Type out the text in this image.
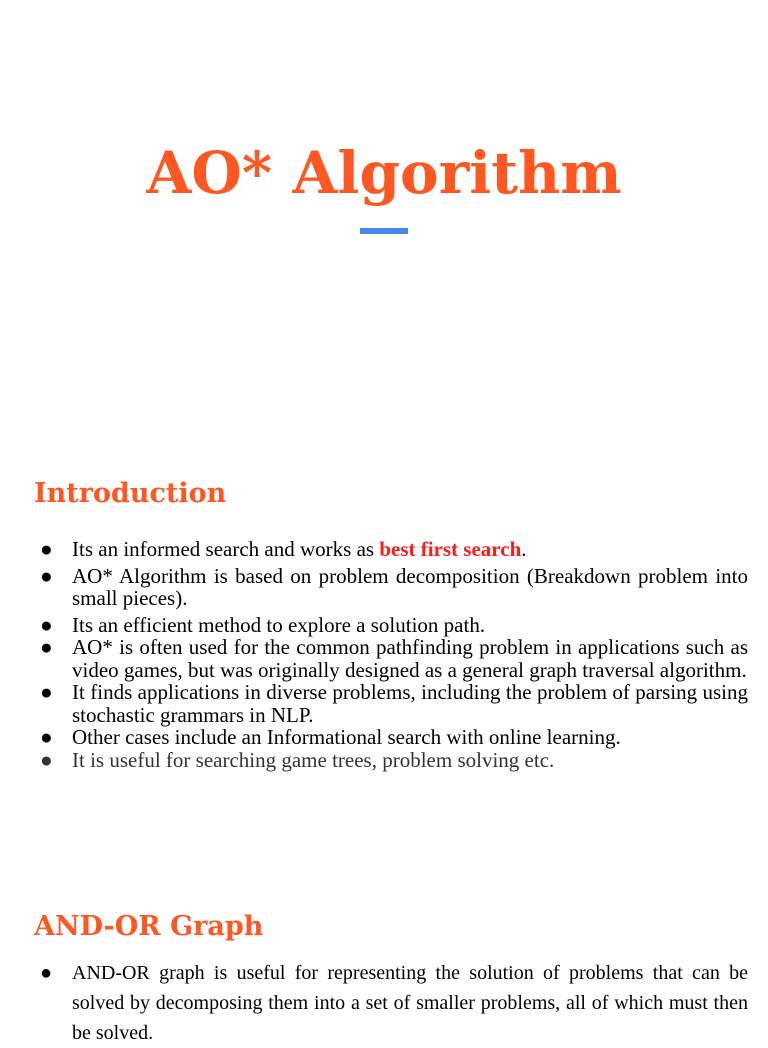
AO* Algorithm
Introduction
● Its an informed search and works as best first search.
● AO* Algorithm is based on problem decomposition (Breakdown problem into small pieces).
● Its an efficient method to explore a solution path.
● AO* is often used for the common pathfinding problem in applications such as video games, but was originally designed as a general graph traversal algorithm.
● It finds applications in diverse problems, including the problem of parsing using stochastic grammars in NLP.
● Other cases include an Informational search with online learning.
● It is useful for searching game trees, problem solving etc.
AND-OR Graph
● AND-OR graph is useful for representing the solution of problems that can be solved by decomposing them into a set of smaller problems, all of which must then be solved.
